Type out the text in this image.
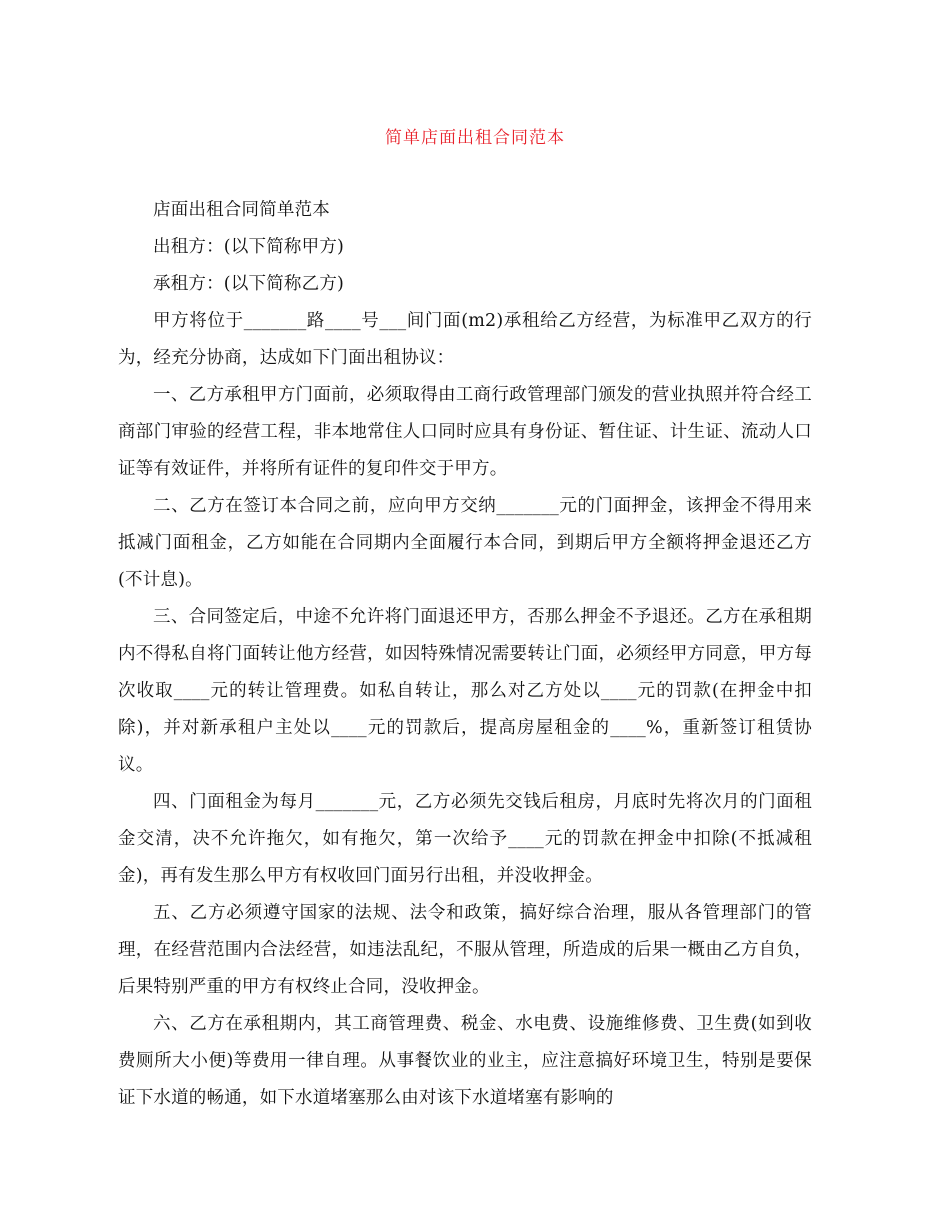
简单店面出租合同范本

店面出租合同简单范本

出租方：(以下简称甲方)

承租方：(以下简称乙方)

甲方将位于_______路____号___间门面(m2)承租给乙方经营，为标准甲乙双方的行为，经充分协商，达成如下门面出租协议：

一、乙方承租甲方门面前，必须取得由工商行政管理部门颁发的营业执照并符合经工商部门审验的经营工程，非本地常住人口同时应具有身份证、暂住证、计生证、流动人口证等有效证件，并将所有证件的复印件交于甲方。

二、乙方在签订本合同之前，应向甲方交纳_______元的门面押金，该押金不得用来抵减门面租金，乙方如能在合同期内全面履行本合同，到期后甲方全额将押金退还乙方(不计息)。

三、合同签定后，中途不允许将门面退还甲方，否那么押金不予退还。乙方在承租期内不得私自将门面转让他方经营，如因特殊情况需要转让门面，必须经甲方同意，甲方每次收取____元的转让管理费。如私自转让，那么对乙方处以____元的罚款(在押金中扣除)，并对新承租户主处以____元的罚款后，提高房屋租金的____%，重新签订租赁协议。

四、门面租金为每月_______元，乙方必须先交钱后租房，月底时先将次月的门面租金交清，决不允许拖欠，如有拖欠，第一次给予____元的罚款在押金中扣除(不抵减租金)，再有发生那么甲方有权收回门面另行出租，并没收押金。

五、乙方必须遵守国家的法规、法令和政策，搞好综合治理，服从各管理部门的管理，在经营范围内合法经营，如违法乱纪，不服从管理，所造成的后果一概由乙方自负，后果特别严重的甲方有权终止合同，没收押金。

六、乙方在承租期内，其工商管理费、税金、水电费、设施维修费、卫生费(如到收费厕所大小便)等费用一律自理。从事餐饮业的业主，应注意搞好环境卫生，特别是要保证下水道的畅通，如下水道堵塞那么由对该下水道堵塞有影响的
